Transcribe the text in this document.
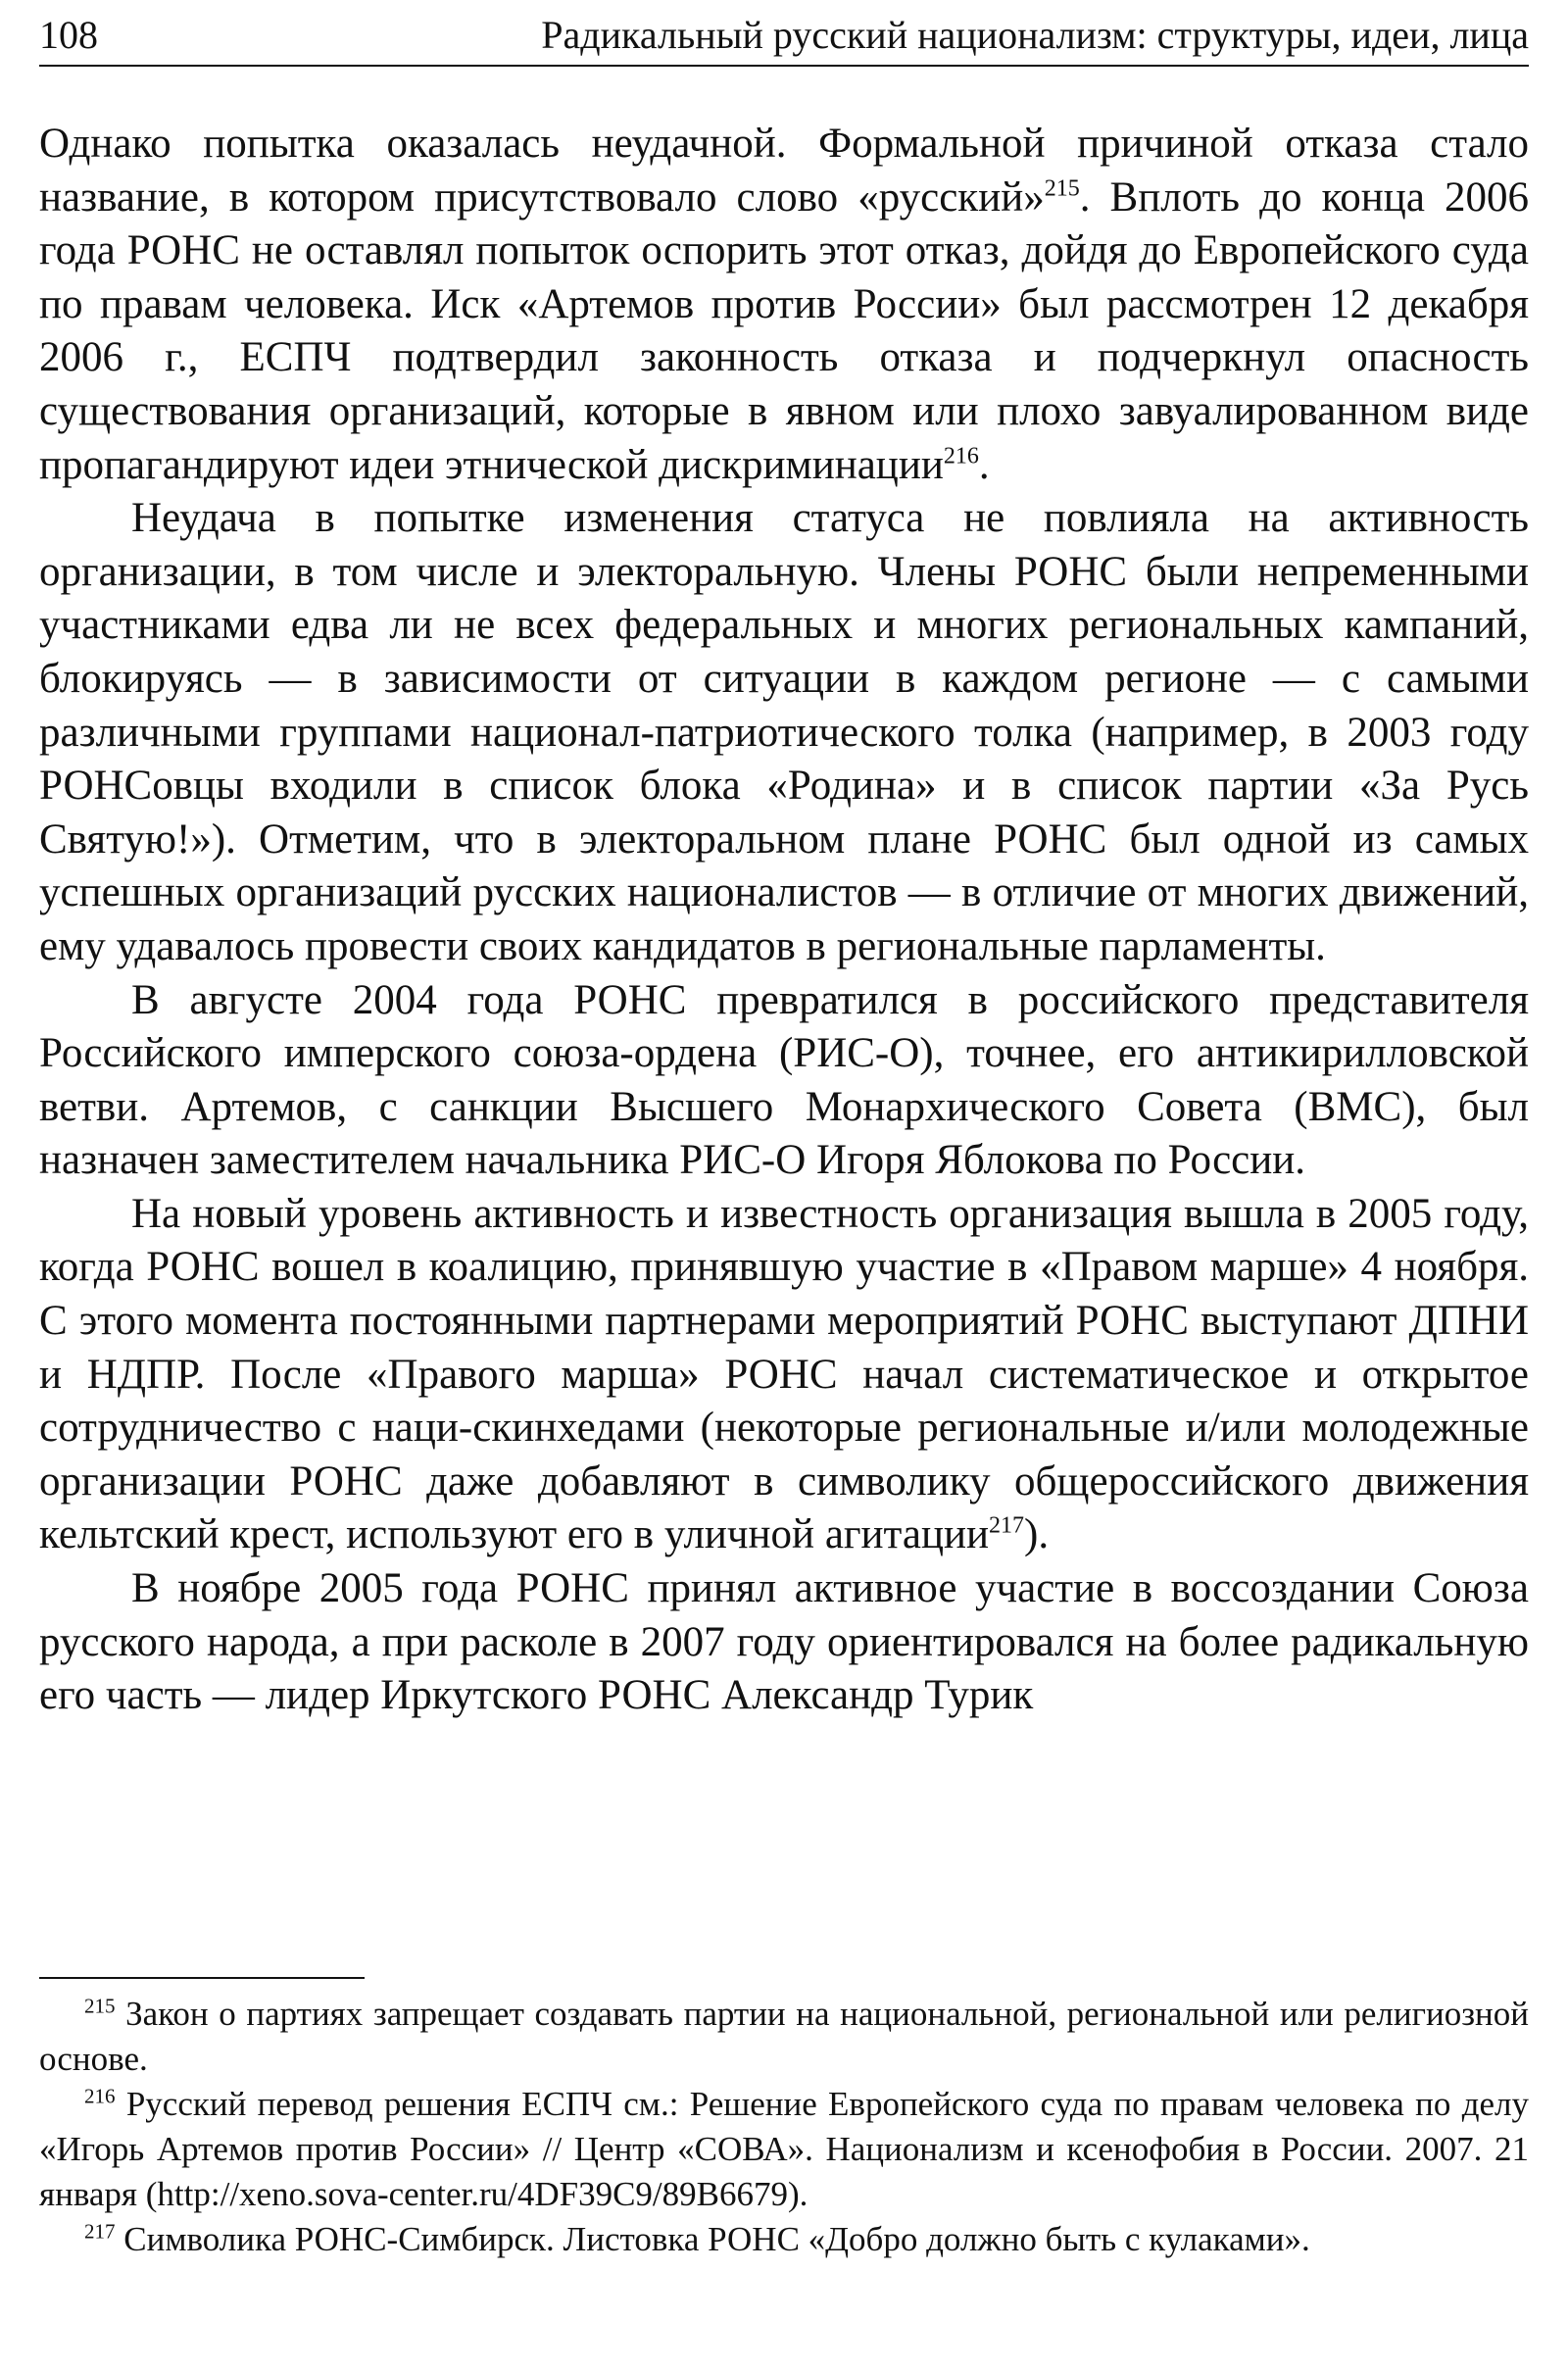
108	Радикальный русский национализм: структуры, идеи, лица

Однако попытка оказалась неудачной. Формальной причиной отказа стало название, в котором присутствовало слово «русский»$^{215}$. Вплоть до конца 2006 года РОНС не оставлял попыток оспорить этот отказ, дойдя до Европейского суда по правам человека. Иск «Артемов против России» был рассмотрен 12 декабря 2006 г., ЕСПЧ подтвердил законность отказа и подчеркнул опасность существования организаций, которые в явном или плохо завуалированном виде пропагандируют идеи этнической дискриминации$^{216}$.

Неудача в попытке изменения статуса не повлияла на активность организации, в том числе и электоральную. Члены РОНС были непременными участниками едва ли не всех федеральных и многих региональных кампаний, блокируясь — в зависимости от ситуации в каждом регионе — с самыми различными группами национал-патриотического толка (например, в 2003 году РОНСовцы входили в список блока «Родина» и в список партии «За Русь Святую!»). Отметим, что в электоральном плане РОНС был одной из самых успешных организаций русских националистов — в отличие от многих движений, ему удавалось провести своих кандидатов в региональные парламенты.

В августе 2004 года РОНС превратился в российского представителя Российского имперского союза-ордена (РИС-О), точнее, его антикирилловской ветви. Артемов, с санкции Высшего Монархического Совета (ВМС), был назначен заместителем начальника РИС-О Игоря Яблокова по России.

На новый уровень активность и известность организация вышла в 2005 году, когда РОНС вошел в коалицию, принявшую участие в «Правом марше» 4 ноября. С этого момента постоянными партнерами мероприятий РОНС выступают ДПНИ и НДПР. После «Правого марша» РОНС начал систематическое и открытое сотрудничество с наци-скинхедами (некоторые региональные и/или молодежные организации РОНС даже добавляют в символику общероссийского движения кельтский крест, используют его в уличной агитации$^{217}$).

В ноябре 2005 года РОНС принял активное участие в воссоздании Союза русского народа, а при расколе в 2007 году ориентировался на более радикальную его часть — лидер Иркутского РОНС Александр Турик

$^{215}$ Закон о партиях запрещает создавать партии на национальной, региональной или религиозной основе.

$^{216}$ Русский перевод решения ЕСПЧ см.: Решение Европейского суда по правам человека по делу «Игорь Артемов против России» // Центр «СОВА». Национализм и ксенофобия в России. 2007. 21 января (http://xeno.sova-center.ru/4DF39C9/89B6679).

$^{217}$ Символика РОНС-Симбирск. Листовка РОНС «Добро должно быть с кулаками».
